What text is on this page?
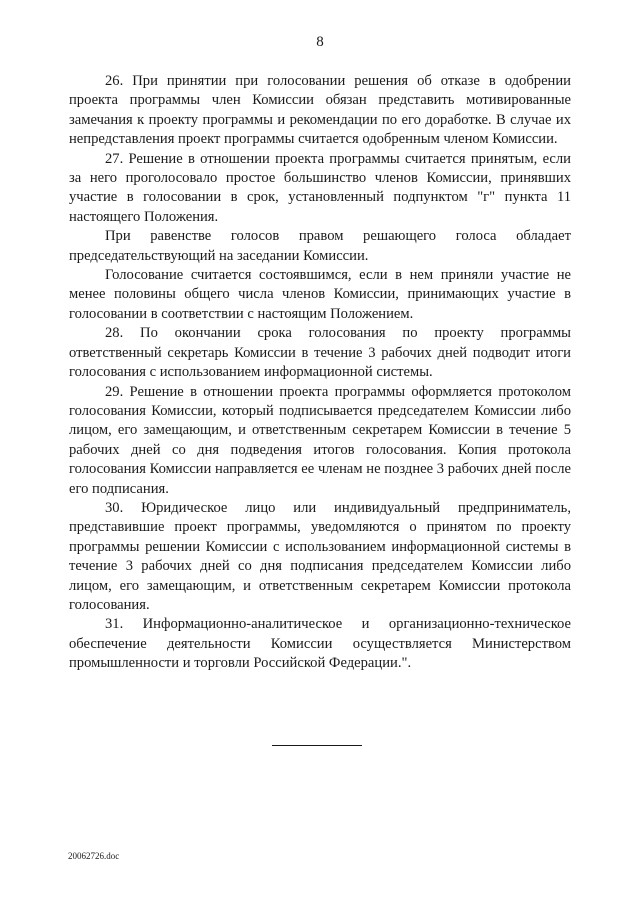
8

26. При принятии при голосовании решения об отказе в одобрении проекта программы член Комиссии обязан представить мотивированные замечания к проекту программы и рекомендации по его доработке. В случае их непредставления проект программы считается одобренным членом Комиссии.

27. Решение в отношении проекта программы считается принятым, если за него проголосовало простое большинство членов Комиссии, принявших участие в голосовании в срок, установленный подпунктом "г" пункта 11 настоящего Положения.

При равенстве голосов правом решающего голоса обладает председательствующий на заседании Комиссии.

Голосование считается состоявшимся, если в нем приняли участие не менее половины общего числа членов Комиссии, принимающих участие в голосовании в соответствии с настоящим Положением.

28. По окончании срока голосования по проекту программы ответственный секретарь Комиссии в течение 3 рабочих дней подводит итоги голосования с использованием информационной системы.

29. Решение в отношении проекта программы оформляется протоколом голосования Комиссии, который подписывается председателем Комиссии либо лицом, его замещающим, и ответственным секретарем Комиссии в течение 5 рабочих дней со дня подведения итогов голосования. Копия протокола голосования Комиссии направляется ее членам не позднее 3 рабочих дней после его подписания.

30. Юридическое лицо или индивидуальный предприниматель, представившие проект программы, уведомляются о принятом по проекту программы решении Комиссии с использованием информационной системы в течение 3 рабочих дней со дня подписания председателем Комиссии либо лицом, его замещающим, и ответственным секретарем Комиссии протокола голосования.

31. Информационно-аналитическое и организационно-техническое обеспечение деятельности Комиссии осуществляется Министерством промышленности и торговли Российской Федерации.".

20062726.doc
